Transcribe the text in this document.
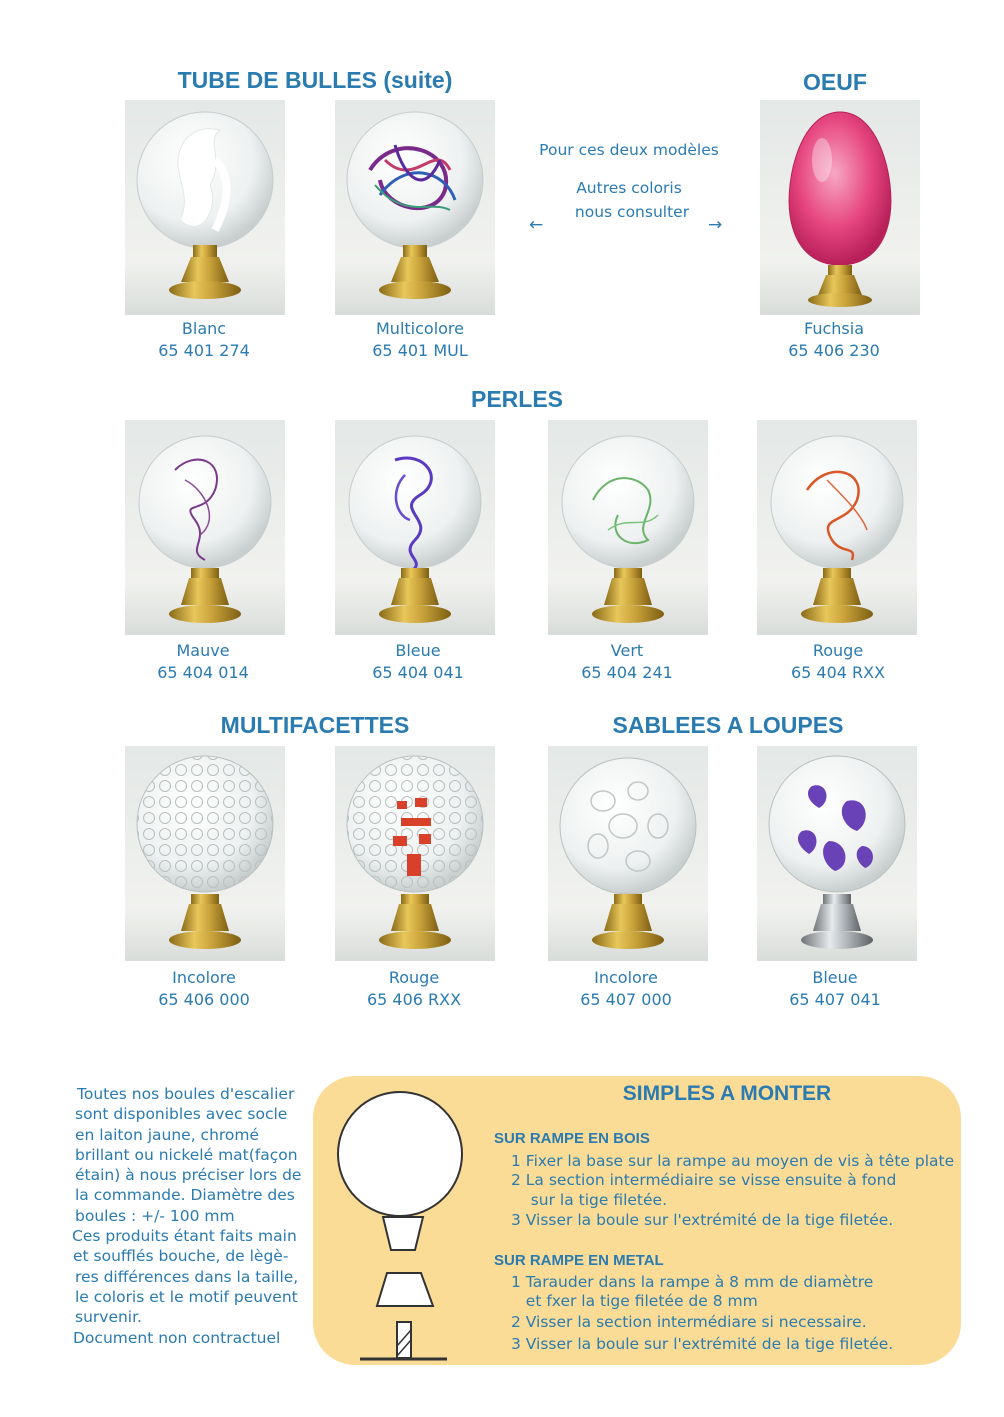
TUBE DE BULLES (suite)	OEUF
PERLES
MULTIFACETTES	SABLEES A LOUPES
Pour ces deux modèles
Autres coloris
nous consulter
←	→
Blanc
65 401 274
Multicolore
65 401 MUL
Fuchsia
65 406 230
Mauve
65 404 014
Bleue
65 404 041
Vert
65 404 241
Rouge
65 404 RXX
Incolore
65 406 000
Rouge
65 406 RXX
Incolore
65 407 000
Bleue
65 407 041
Toutes nos boules d'escalier
sont disponibles avec socle
en laiton jaune, chromé
brillant ou nickelé mat(façon
étain) à nous préciser lors de
la commande. Diamètre des
boules : +/- 100 mm
Ces produits étant faits main
et soufflés bouche, de lègè-
res différences dans la taille,
le coloris et le motif peuvent
survenir.
Document non contractuel
SIMPLES A MONTER
SUR RAMPE EN BOIS
1 Fixer la base sur la rampe au moyen de vis à tête plate
2 La section intermédiaire se visse ensuite à fond
sur la tige filetée.
3 Visser la boule sur l'extrémité de la tige filetée.
SUR RAMPE EN METAL
1 Tarauder dans la rampe à 8 mm de diamètre
et fxer la tige filetée de 8 mm
2 Visser la section intermédiare si necessaire.
3 Visser la boule sur l'extrémité de la tige filetée.
